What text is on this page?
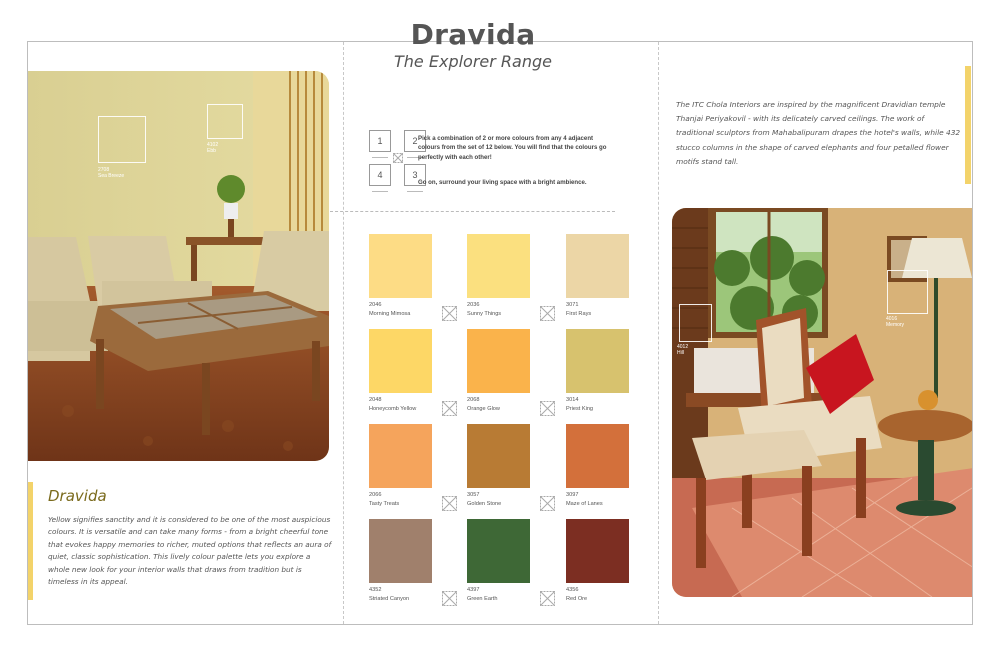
2708
Sea Breeze
4102
Ebb
Dravida
Yellow signifies sanctity and it is considered to be one of the most auspicious colours. It is versatile and can take many forms - from a bright cheerful tone that evokes happy memories to richer, muted options that reflects an aura of quiet, classic sophistication. This lively colour palette lets you explore a whole new look for your interior walls that draws from tradition but is timeless in its appeal.
The ITC Chola Interiors are inspired by the magnificent Dravidian temple Thanjai Periyakovil - with its delicately carved ceilings. The work of traditional sculptors from Mahabalipuram drapes the hotel's walls, while 432 stucco columns in the shape of carved elephants and four petalled flower motifs stand tall.
4016
Memory
4012
Hill
Dravida
The Explorer Range
1	2
4	3
Pick a combination of 2 or more colours from any 4 adjacent colours from the set of 12 below. You will find that the colours go perfectly with each other!
Go on, surround your living space with a bright ambience.
2046
Morning Mimosa
2036
Sunny Things
3071
First Rays
2048
Honeycomb Yellow
2068
Orange Glow
3014
Priest King
2066
Tasty Treats
3057
Golden Stone
3097
Maze of Lanes
4352
Striated Canyon
4397
Green Earth
4356
Red Ore
